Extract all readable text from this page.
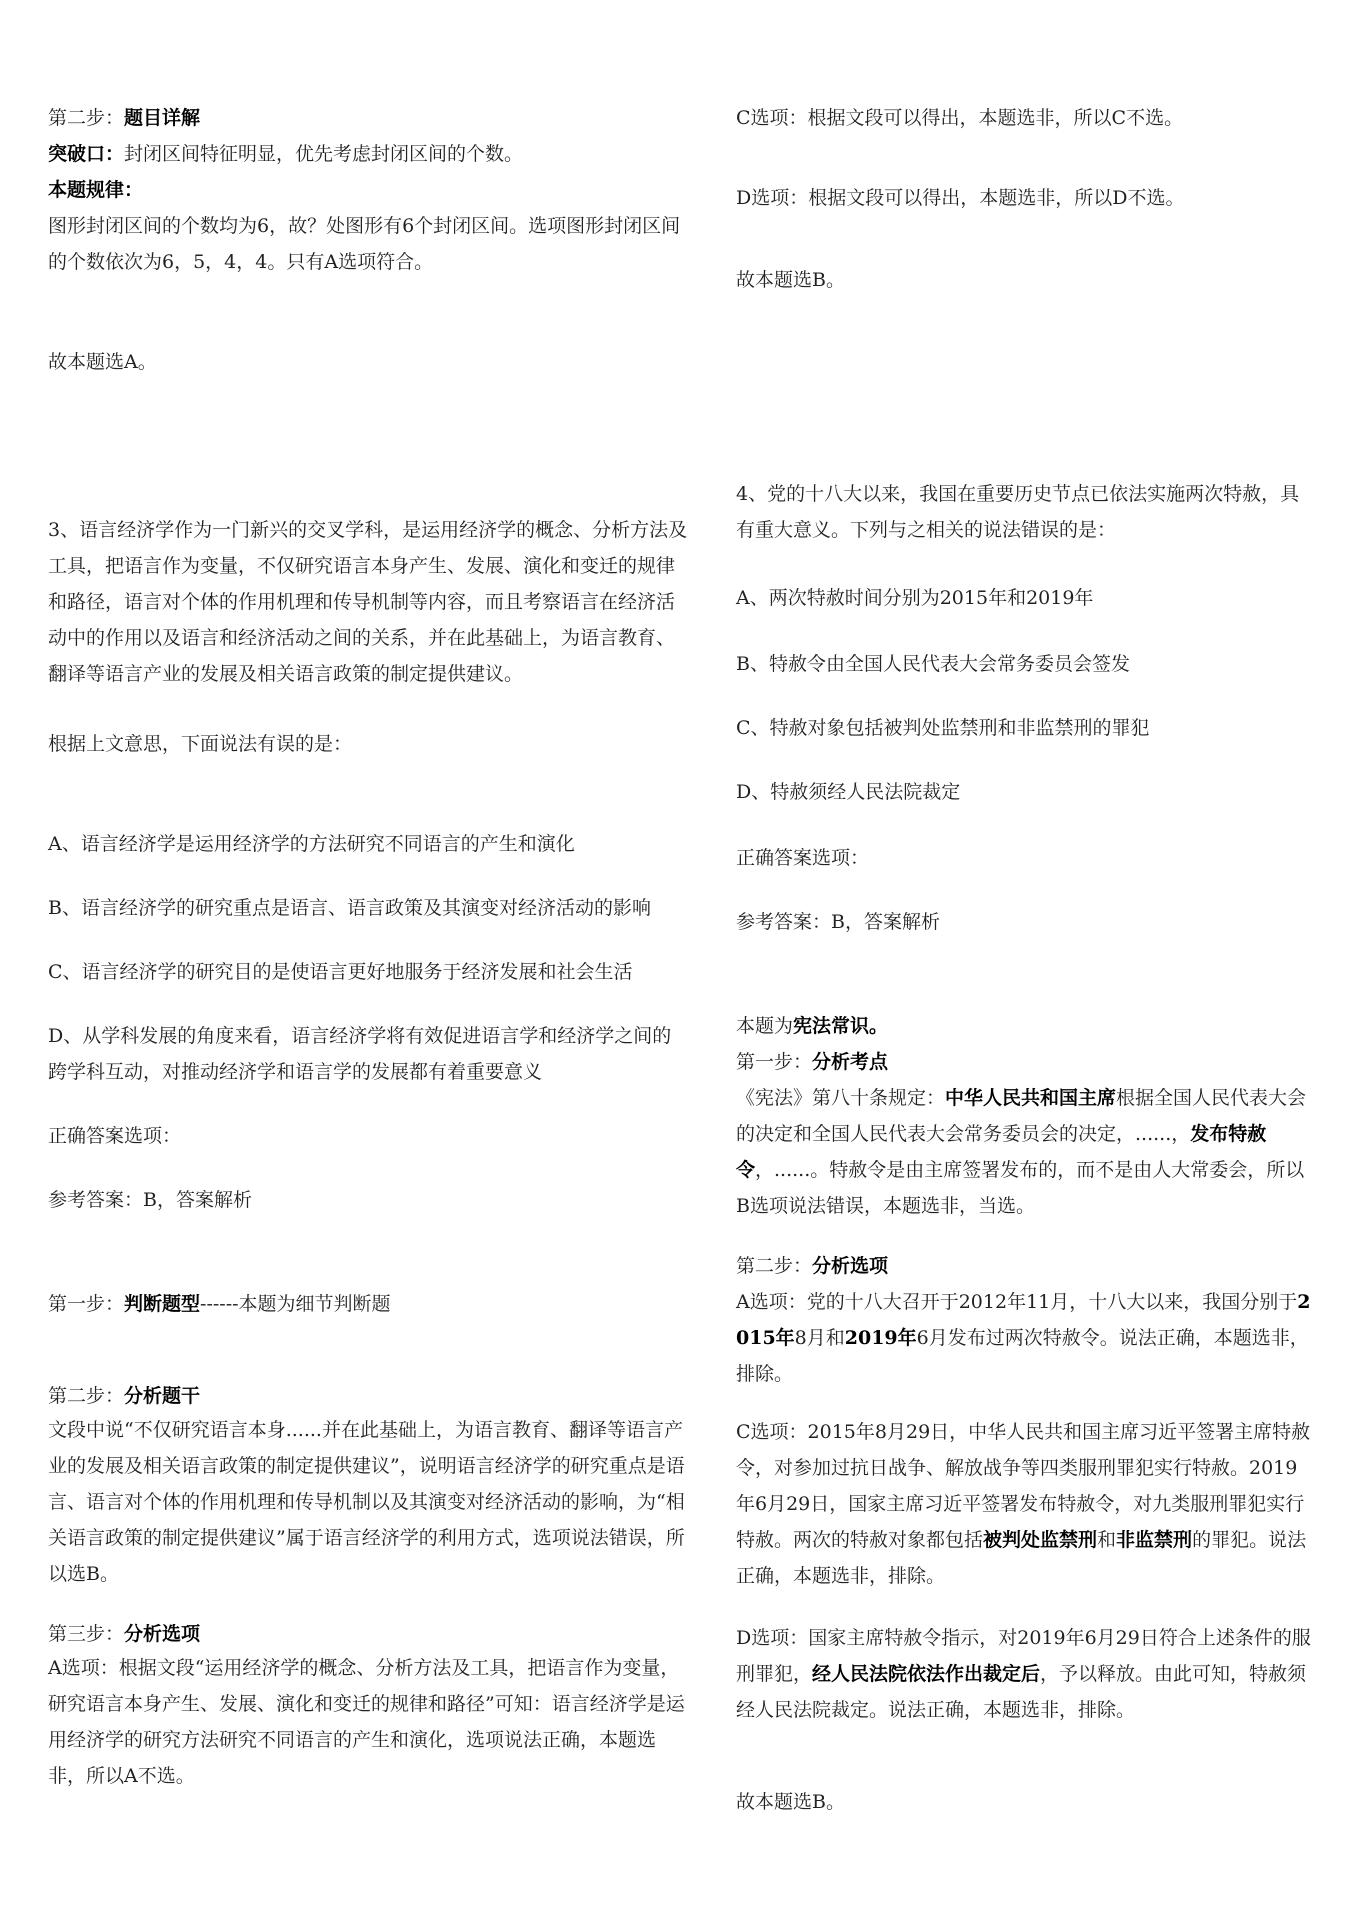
第二步：题目详解

突破口：封闭区间特征明显，优先考虑封闭区间的个数。

本题规律：

图形封闭区间的个数均为6，故？处图形有6个封闭区间。选项图形封闭区间的个数依次为6，5，4，4。只有A选项符合。

故本题选A。

3、语言经济学作为一门新兴的交叉学科，是运用经济学的概念、分析方法及工具，把语言作为变量，不仅研究语言本身产生、发展、演化和变迁的规律和路径，语言对个体的作用机理和传导机制等内容，而且考察语言在经济活动中的作用以及语言和经济活动之间的关系，并在此基础上，为语言教育、翻译等语言产业的发展及相关语言政策的制定提供建议。

根据上文意思，下面说法有误的是：

A、语言经济学是运用经济学的方法研究不同语言的产生和演化

B、语言经济学的研究重点是语言、语言政策及其演变对经济活动的影响

C、语言经济学的研究目的是使语言更好地服务于经济发展和社会生活

D、从学科发展的角度来看，语言经济学将有效促进语言学和经济学之间的跨学科互动，对推动经济学和语言学的发展都有着重要意义

正确答案选项：

参考答案：B，答案解析

第一步：判断题型------本题为细节判断题

第二步：分析题干

文段中说“不仅研究语言本身......并在此基础上，为语言教育、翻译等语言产业的发展及相关语言政策的制定提供建议”，说明语言经济学的研究重点是语言、语言对个体的作用机理和传导机制以及其演变对经济活动的影响，为“相关语言政策的制定提供建议”属于语言经济学的利用方式，选项说法错误，所以选B。

第三步：分析选项

A选项：根据文段“运用经济学的概念、分析方法及工具，把语言作为变量，研究语言本身产生、发展、演化和变迁的规律和路径”可知：语言经济学是运用经济学的研究方法研究不同语言的产生和演化，选项说法正确，本题选非，所以A不选。

C选项：根据文段可以得出，本题选非，所以C不选。

D选项：根据文段可以得出，本题选非，所以D不选。

故本题选B。

4、党的十八大以来，我国在重要历史节点已依法实施两次特赦，具有重大意义。下列与之相关的说法错误的是：

A、两次特赦时间分别为2015年和2019年

B、特赦令由全国人民代表大会常务委员会签发

C、特赦对象包括被判处监禁刑和非监禁刑的罪犯

D、特赦须经人民法院裁定

正确答案选项：

参考答案：B，答案解析

本题为宪法常识。

第一步：分析考点

《宪法》第八十条规定：中华人民共和国主席根据全国人民代表大会的决定和全国人民代表大会常务委员会的决定，......，发布特赦令，......。特赦令是由主席签署发布的，而不是由人大常委会，所以B选项说法错误，本题选非，当选。

第二步：分析选项

A选项：党的十八大召开于2012年11月，十八大以来，我国分别于2015年8月和2019年6月发布过两次特赦令。说法正确，本题选非，排除。

C选项：2015年8月29日，中华人民共和国主席习近平签署主席特赦令，对参加过抗日战争、解放战争等四类服刑罪犯实行特赦。2019年6月29日，国家主席习近平签署发布特赦令，对九类服刑罪犯实行特赦。两次的特赦对象都包括被判处监禁刑和非监禁刑的罪犯。说法正确，本题选非，排除。

D选项：国家主席特赦令指示，对2019年6月29日符合上述条件的服刑罪犯，经人民法院依法作出裁定后，予以释放。由此可知，特赦须经人民法院裁定。说法正确，本题选非，排除。

故本题选B。
